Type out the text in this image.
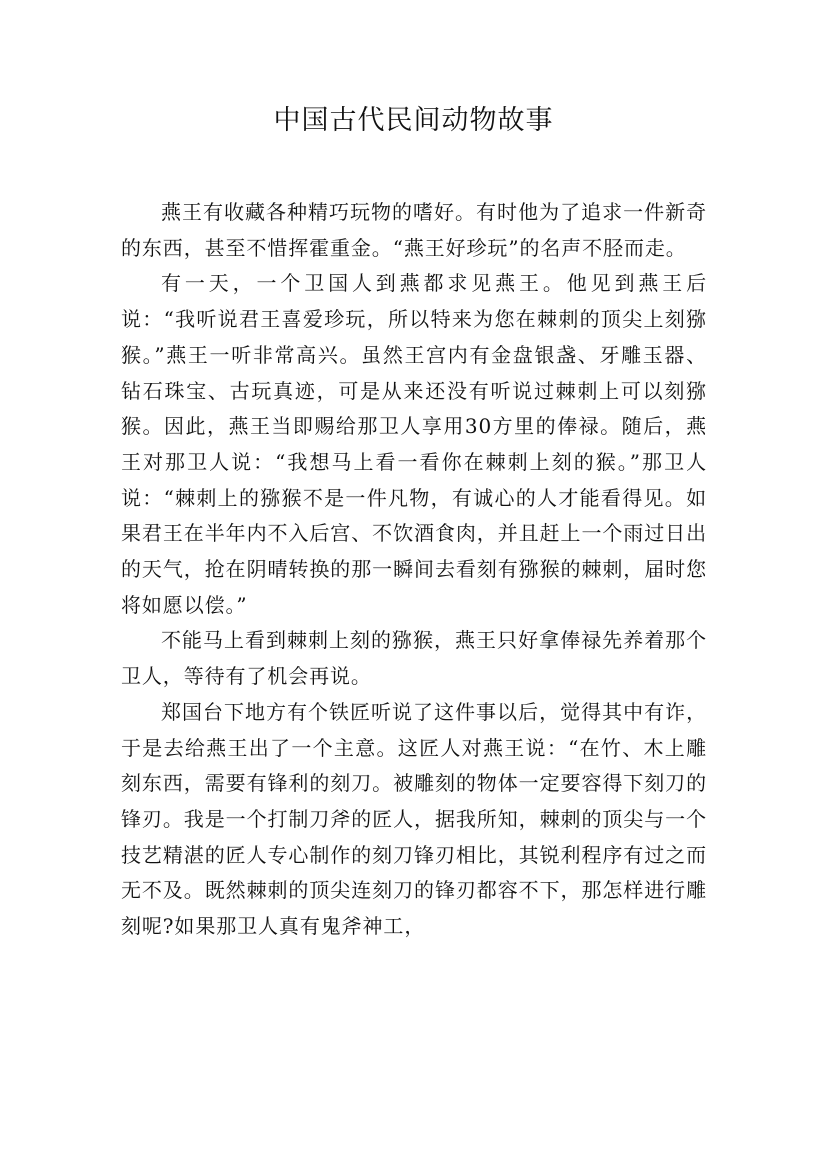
中国古代民间动物故事

燕王有收藏各种精巧玩物的嗜好。有时他为了追求一件新奇的东西，甚至不惜挥霍重金。“燕王好珍玩”的名声不胫而走。

有一天，一个卫国人到燕都求见燕王。他见到燕王后说：“我听说君王喜爱珍玩，所以特来为您在棘刺的顶尖上刻猕猴。”燕王一听非常高兴。虽然王宫内有金盘银盏、牙雕玉器、钻石珠宝、古玩真迹，可是从来还没有听说过棘刺上可以刻猕猴。因此，燕王当即赐给那卫人享用30方里的俸禄。随后，燕王对那卫人说：“我想马上看一看你在棘刺上刻的猴。”那卫人说：“棘刺上的猕猴不是一件凡物，有诚心的人才能看得见。如果君王在半年内不入后宫、不饮酒食肉，并且赶上一个雨过日出的天气，抢在阴晴转换的那一瞬间去看刻有猕猴的棘刺，届时您将如愿以偿。”

不能马上看到棘刺上刻的猕猴，燕王只好拿俸禄先养着那个卫人，等待有了机会再说。

郑国台下地方有个铁匠听说了这件事以后，觉得其中有诈，于是去给燕王出了一个主意。这匠人对燕王说：“在竹、木上雕刻东西，需要有锋利的刻刀。被雕刻的物体一定要容得下刻刀的锋刃。我是一个打制刀斧的匠人，据我所知，棘刺的顶尖与一个技艺精湛的匠人专心制作的刻刀锋刃相比，其锐利程序有过之而无不及。既然棘刺的顶尖连刻刀的锋刃都容不下，那怎样进行雕刻呢?如果那卫人真有鬼斧神工，
